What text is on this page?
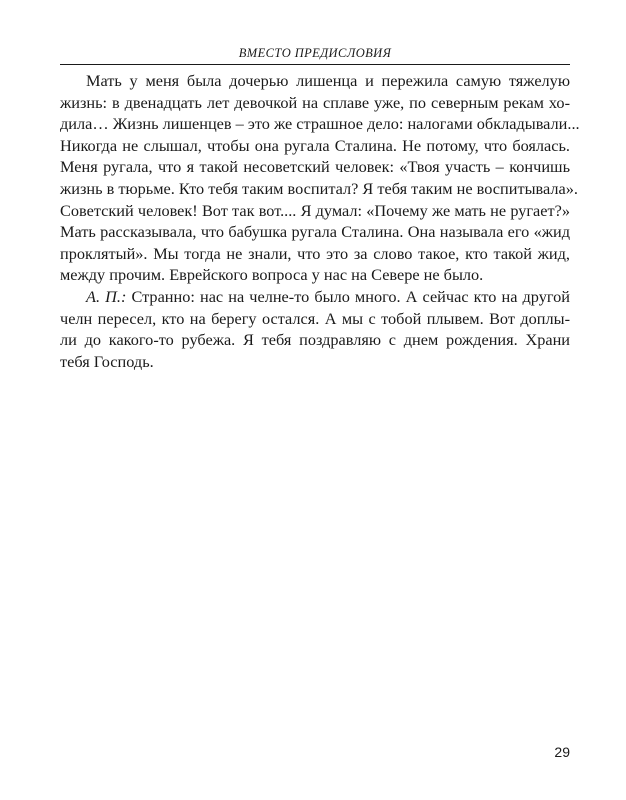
ВМЕСТО ПРЕДИСЛОВИЯ
Мать у меня была дочерью лишенца и пережила самую тяжелую
жизнь: в двенадцать лет девочкой на сплаве уже, по северным рекам хо-
дила… Жизнь лишенцев – это же страшное дело: налогами обкладывали...
Никогда не слышал, чтобы она ругала Сталина. Не потому, что боялась.
Меня ругала, что я такой несоветский человек: «Твоя участь – кончишь
жизнь в тюрьме. Кто тебя таким воспитал? Я тебя таким не воспитывала».
Советский человек! Вот так вот.... Я думал: «Почему же мать не ругает?»
Мать рассказывала, что бабушка ругала Сталина. Она называла его «жид
проклятый». Мы тогда не знали, что это за слово такое, кто такой жид,
между прочим. Еврейского вопроса у нас на Севере не было.
А. П.: Странно: нас на челне-то было много. А сейчас кто на другой
челн пересел, кто на берегу остался. А мы с тобой плывем. Вот доплы-
ли до какого-то рубежа. Я тебя поздравляю с днем рождения. Храни
тебя Господь.
29
